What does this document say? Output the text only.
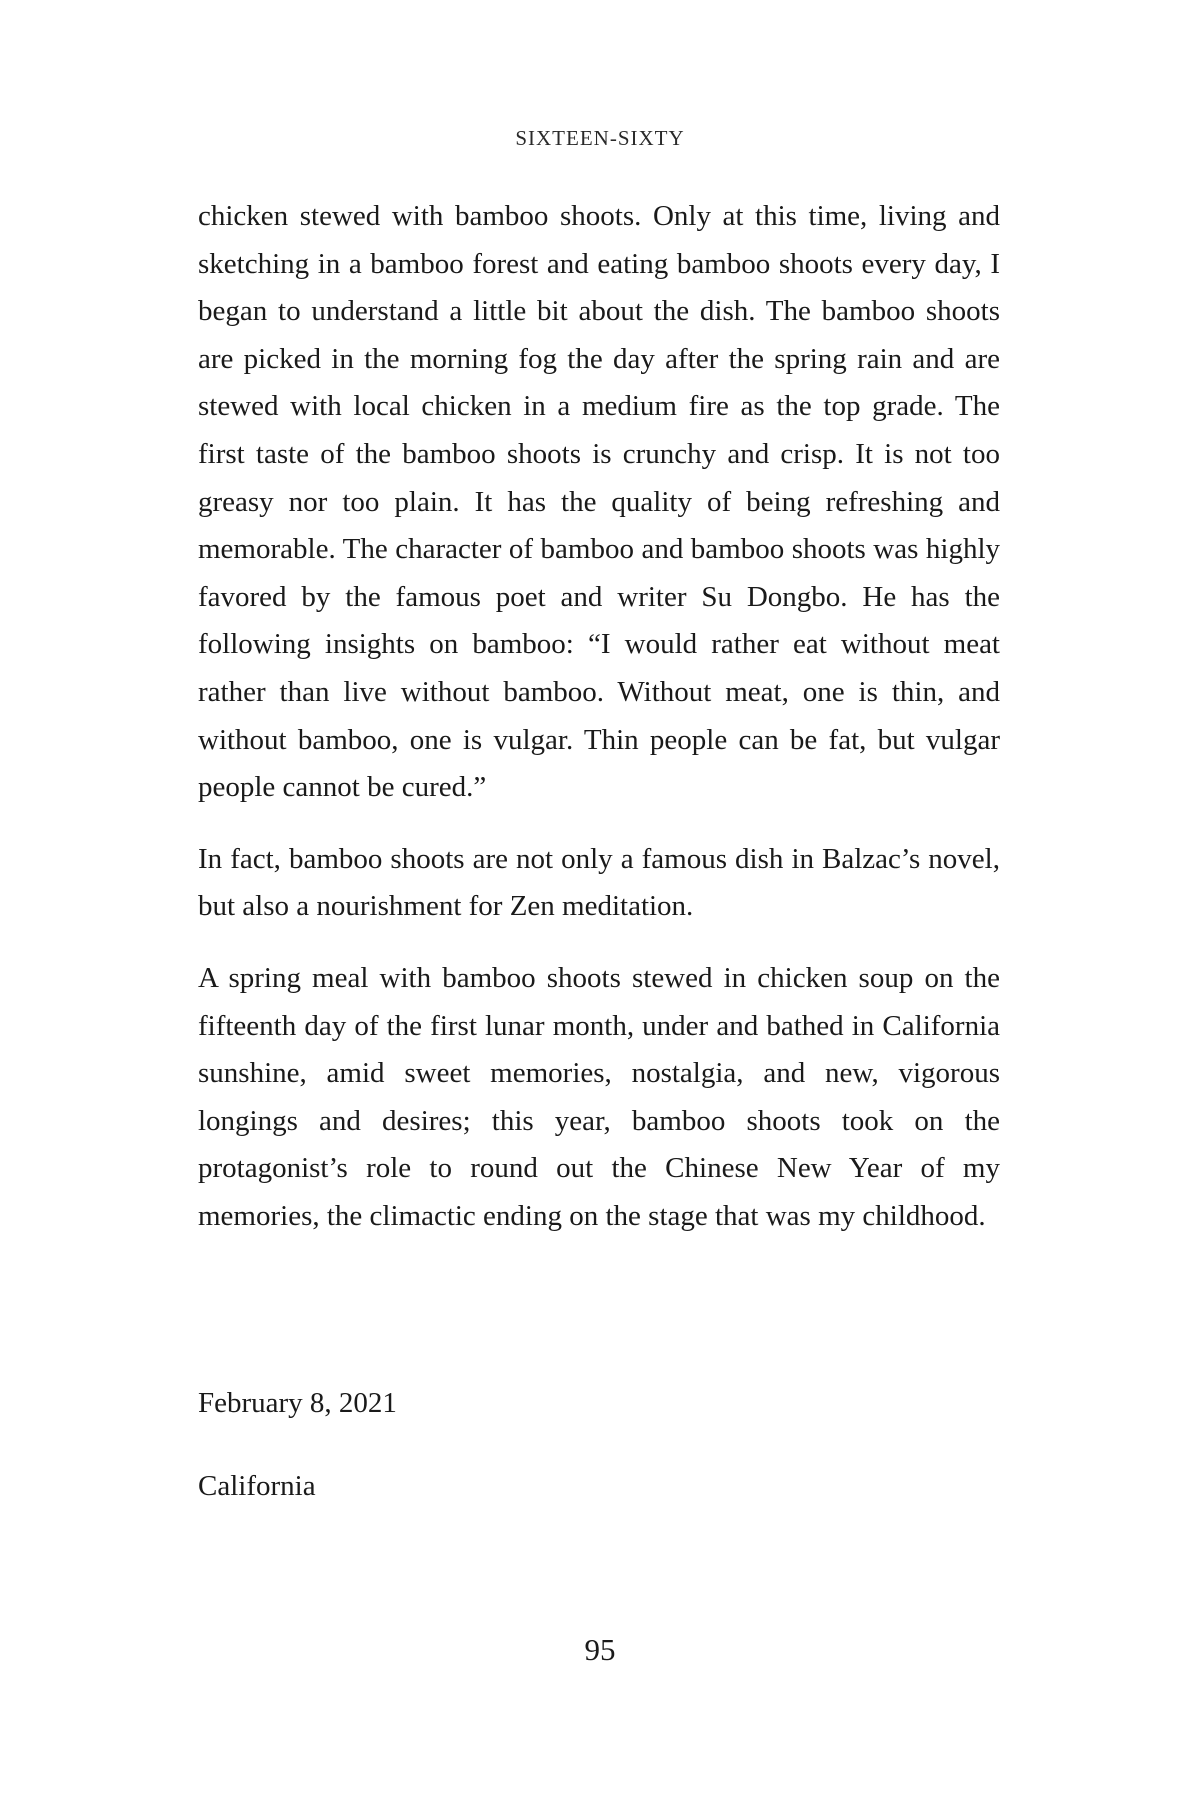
SIXTEEN-SIXTY

chicken stewed with bamboo shoots. Only at this time, living and sketching in a bamboo forest and eating bamboo shoots every day, I began to understand a little bit about the dish. The bamboo shoots are picked in the morning fog the day after the spring rain and are stewed with local chicken in a medium fire as the top grade. The first taste of the bamboo shoots is crunchy and crisp. It is not too greasy nor too plain. It has the quality of being refreshing and memorable. The character of bamboo and bamboo shoots was highly favored by the famous poet and writer Su Dongbo. He has the following insights on bamboo: “I would rather eat without meat rather than live without bamboo. Without meat, one is thin, and without bamboo, one is vulgar. Thin people can be fat, but vulgar people cannot be cured.”

In fact, bamboo shoots are not only a famous dish in Balzac’s novel, but also a nourishment for Zen meditation.

A spring meal with bamboo shoots stewed in chicken soup on the fifteenth day of the first lunar month, under and bathed in California sunshine, amid sweet memories, nostalgia, and new, vigorous longings and desires; this year, bamboo shoots took on the protagonist’s role to round out the Chinese New Year of my memories, the climactic ending on the stage that was my childhood.

February 8, 2021
California
95
